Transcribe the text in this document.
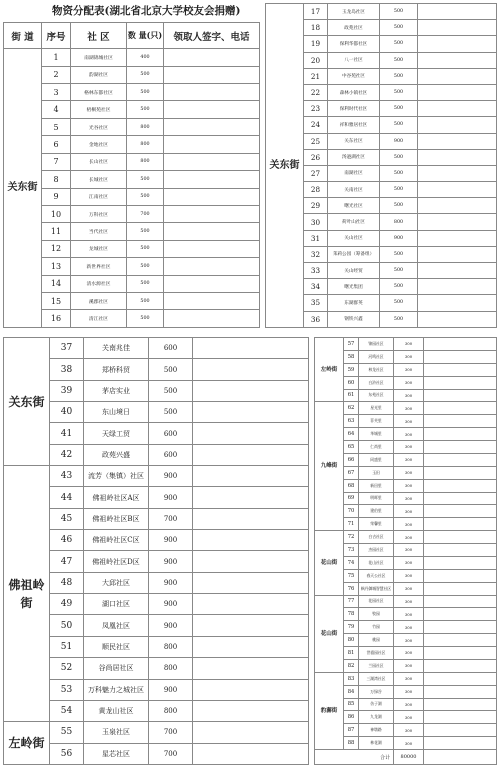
物资分配表(湖北省北京大学校友会捐赠)
街 道	序号	社 区	数 量(只)	领取人签字、电话
关东街	1	南湖锦城社区	400	
	2	韵湖社区	500	
	3	格林东都社区	500	
	4	梧桐苑社区	500	
	5	光谷社区	800	
	6	金地社区	800	
	7	长山社区	800	
	8	长城社区	500	
	9	江南社区	500	
	10	万科社区	700	
	11	当代社区	500	
	12	龙城社区	500	
	13	新世界社区	500	
	14	清水源社区	500	
	15	溪郡社区	500	
	16	清江社区	500	
关东街	17	玉龙岛社区	500	
	18	政苑社区	500	
	19	保利华都社区	500	
	20	八一社区	500	
	21	中谷苑社区	500	
	22	森林小镇社区	500	
	23	保利时代社区	500	
	24	祥和雅居社区	500	
	25	关东社区	900	
	26	汤逊湖社区	500	
	27	南湖社区	500	
	28	关南社区	500	
	29	曙光社区	500	
	30	荷叶山社区	800	
	31	关山社区	900	
	32	茉莉公园（筹备组）	500	
	33	关山经贸	500	
	34	曙光集团	500	
	35	东湖群英	500	
	36	钢铁兴鑫	500	
关东街	37	关南兆佳	600	
	38	郑桥科贸	500	
	39	茅店实业	500	
	40	东山境日	500	
	41	天绿工贸	600	
	42	政苑兴盛	600	

佛祖岭
街	43	流芳（集镇）社区	900	
	44	佛祖岭社区A区	900	
	45	佛祖岭社区B区	700	
	46	佛祖岭社区C区	900	
	47	佛祖岭社区D区	900	
	48	大邱社区	900	
	49	湖口社区	900	
	50	凤凰社区	900	
	51	顺民社区	800	
	52	谷尚居社区	800	
	53	万科魅力之城社区	900	
	54	黄龙山社区	800	
左岭街	55	玉泉社区	700	
	56	星芯社区	700	
左岭街	57	锦园社区	300	
	58	河鸣社区	300	
	59	林龙社区	300	
	60	白浒社区	300	
	61	东苑社区	300	
九峰街	62	星光里	300	
	63	菲芙里	300	
	64	华城里	300	
	65	仁尚里	300	
	66	同盛里	300	
	67	玉田	300	
	68	新田里	300	
	69	明晖里	300	
	70	建伯里	300	
	71	荣馨里	300	
花山街	72	白吉社区	300	
	73	杰园社区	300	
	74	花山社区	300	
	75	春天公社区	300	
	76	枫丹御城智慧社区	300	
花山街	77	花园社区	300	
	78	牧园	300	
	79	竹园	300	
	80	桃园	300	
	81	世禧园社区	300	
	82	兰园社区	300	
豹澥街	83	三湖湾社区	300	
	84	万绿谷	300	
	85	仿子湖	300	
	86	九龙湖	300	
	87	神墩路	300	
	88	林花湖	300	
合计			80000	
